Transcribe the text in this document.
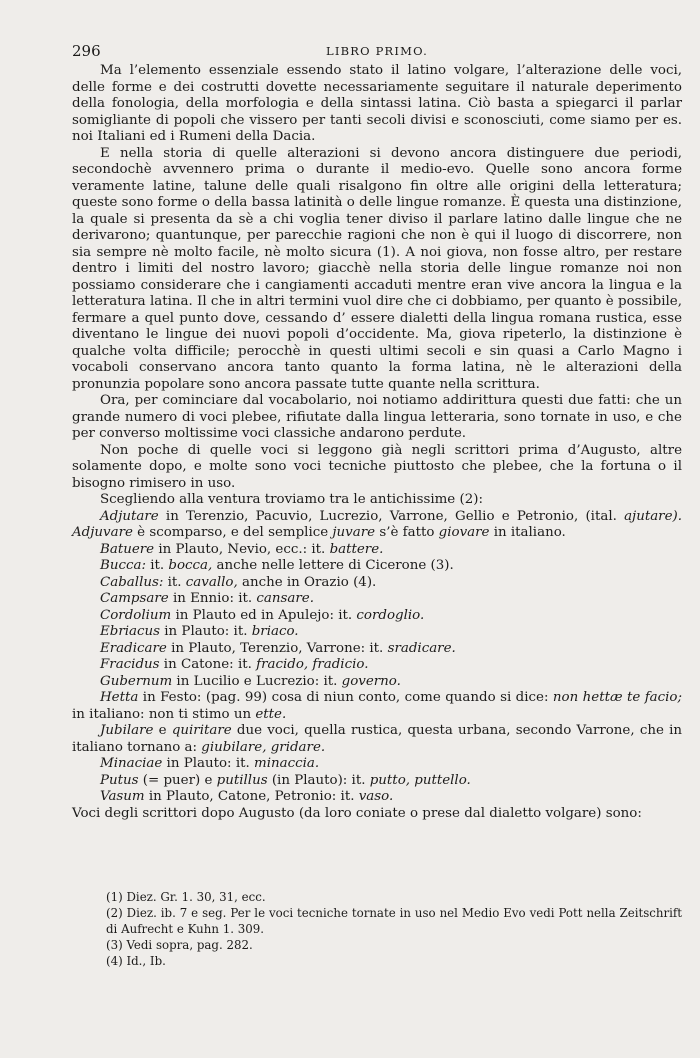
296	LIBRO PRIMO.

Ma l’elemento essenziale essendo stato il latino volgare, l’alterazione delle voci, delle forme e dei costrutti dovette necessariamente seguitare il naturale deperimento della fonologia, della morfologia e della sintassi latina. Ciò basta a spiegarci il parlar somigliante di popoli che vissero per tanti secoli divisi e sconosciuti, come siamo per es. noi Italiani ed i Rumeni della Dacia.

E nella storia di quelle alterazioni si devono ancora distinguere due periodi, secondochè avvennero prima o durante il medio-evo. Quelle sono ancora forme veramente latine, talune delle quali risalgono fin oltre alle origini della letteratura; queste sono forme o della bassa latinità o delle lingue romanze. È questa una distinzione, la quale si presenta da sè a chi voglia tener diviso il parlare latino dalle lingue che ne derivarono; quantunque, per parecchie ragioni che non è qui il luogo di discorrere, non sia sempre nè molto facile, nè molto sicura (1). A noi giova, non fosse altro, per restare dentro i limiti del nostro lavoro; giacchè nella storia delle lingue romanze noi non possiamo considerare che i cangiamenti accaduti mentre eran vive ancora la lingua e la letteratura latina. Il che in altri termini vuol dire che ci dobbiamo, per quanto è possibile, fermare a quel punto dove, cessando d’ essere dialetti della lingua romana rustica, esse diventano le lingue dei nuovi popoli d’occidente. Ma, giova ripeterlo, la distinzione è qualche volta difficile; perocchè in questi ultimi secoli e sin quasi a Carlo Magno i vocaboli conservano ancora tanto quanto la forma latina, nè le alterazioni della pronunzia popolare sono ancora passate tutte quante nella scrittura.

Ora, per cominciare dal vocabolario, noi notiamo addirittura questi due fatti: che un grande numero di voci plebee, rifiutate dalla lingua letteraria, sono tornate in uso, e che per converso moltissime voci classiche andarono perdute.

Non poche di quelle voci si leggono già negli scrittori prima d’Augusto, altre solamente dopo, e molte sono voci tecniche piuttosto che plebee, che la fortuna o il bisogno rimisero in uso.

Scegliendo alla ventura troviamo tra le antichissime (2):

Adjutare in Terenzio, Pacuvio, Lucrezio, Varrone, Gellio e Petronio, (ital. ajutare). Adjuvare è scomparso, e del semplice juvare s’è fatto giovare in italiano.

Batuere in Plauto, Nevio, ecc.: it. battere.

Bucca: it. bocca, anche nelle lettere di Cicerone (3).

Caballus: it. cavallo, anche in Orazio (4).

Campsare in Ennio: it. cansare.

Cordolium in Plauto ed in Apulejo: it. cordoglio.

Ebriacus in Plauto: it. briaco.

Eradicare in Plauto, Terenzio, Varrone: it. sradicare.

Fracidus in Catone: it. fracido, fradicio.

Gubernum in Lucilio e Lucrezio: it. governo.

Hetta in Festo: (pag. 99) cosa di niun conto, come quando si dice: non hettæ te facio; in italiano: non ti stimo un ette.

Jubilare e quiritare due voci, quella rustica, questa urbana, secondo Varrone, che in italiano tornano a: giubilare, gridare.

Minaciae in Plauto: it. minaccia.

Putus (= puer) e putillus (in Plauto): it. putto, puttello.

Vasum in Plauto, Catone, Petronio: it. vaso.

Voci degli scrittori dopo Augusto (da loro coniate o prese dal dialetto volgare) sono:

(1) Diez. Gr. 1. 30, 31, ecc.

(2) Diez. ib. 7 e seg. Per le voci tecniche tornate in uso nel Medio Evo vedi Pott nella Zeitschrift di Aufrecht e Kuhn 1. 309.

(3) Vedi sopra, pag. 282.

(4) Id., Ib.
